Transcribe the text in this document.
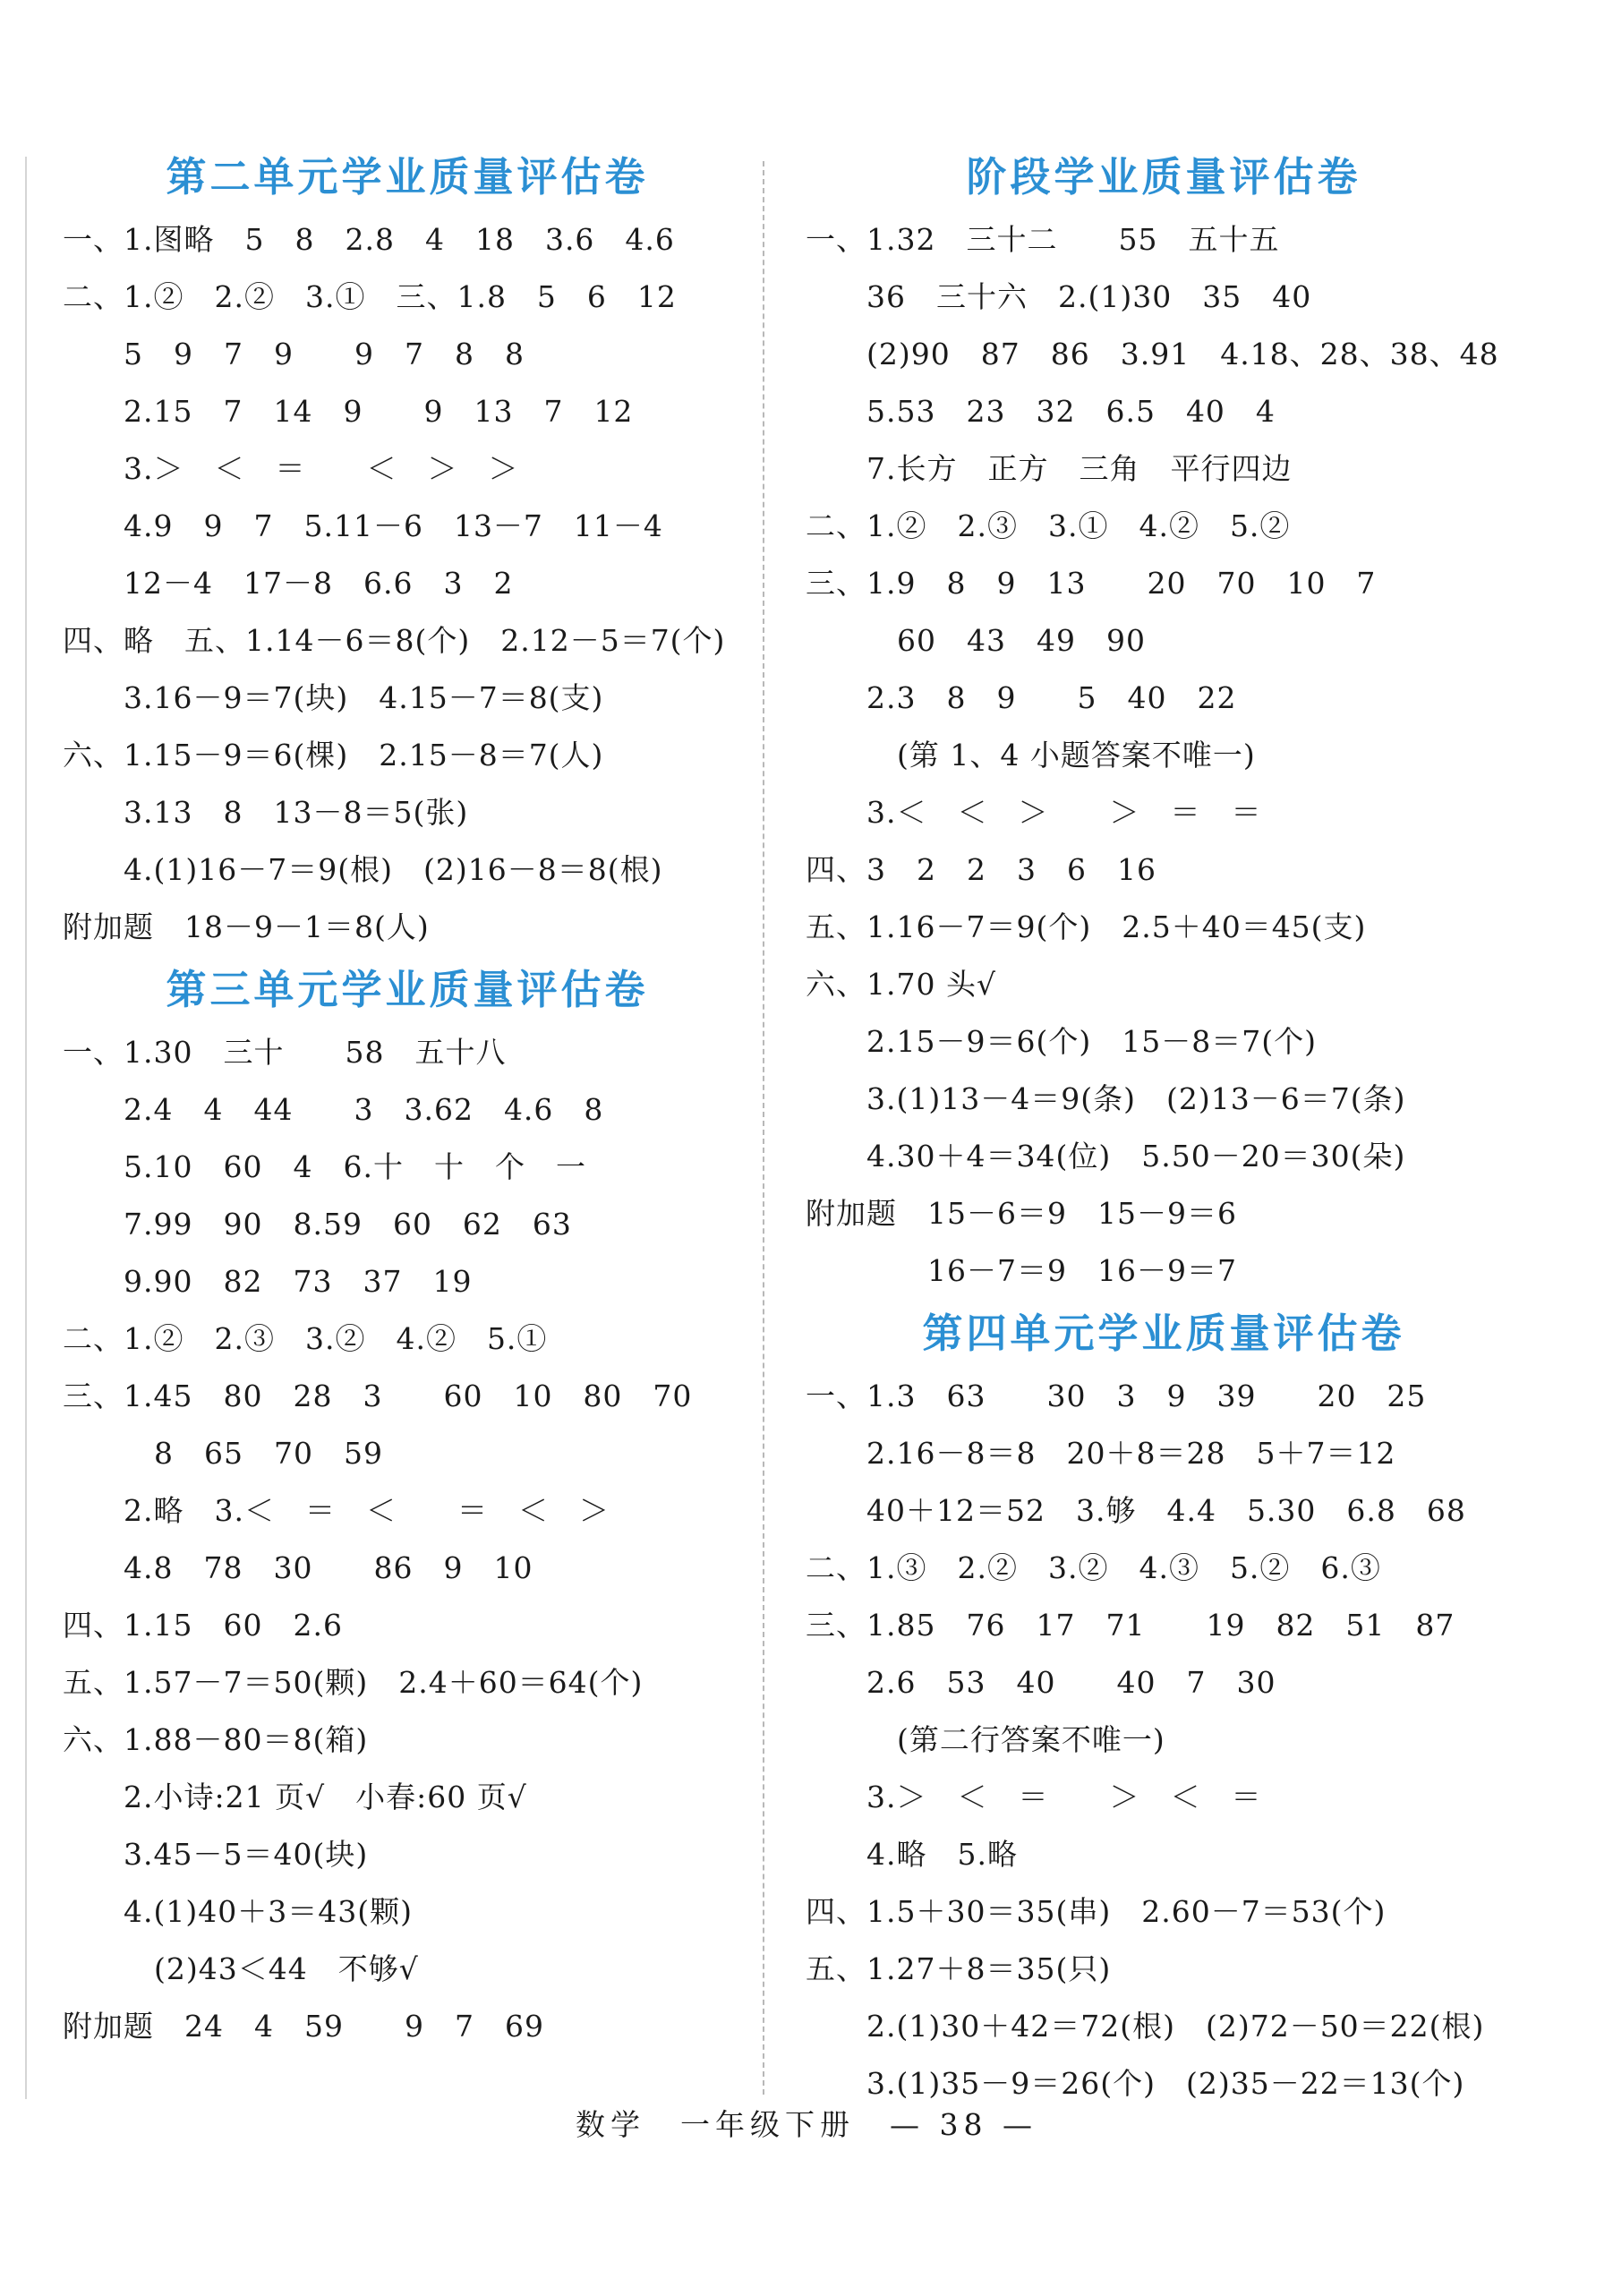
第二单元学业质量评估卷
一、1.图略　5　8　2.8　4　18　3.6　4.6
二、1.②　2.②　3.①　三、1.8　5　6　12
　　5　9　7　9　　9　7　8　8
　　2.15　7　14　9　　9　13　7　12
　　3.＞　＜　＝　　＜　＞　＞
　　4.9　9　7　5.11－6　13－7　11－4
　　12－4　17－8　6.6　3　2
四、略　五、1.14－6＝8(个)　2.12－5＝7(个)
　　3.16－9＝7(块)　4.15－7＝8(支)
六、1.15－9＝6(棵)　2.15－8＝7(人)
　　3.13　8　13－8＝5(张)
　　4.(1)16－7＝9(根)　(2)16－8＝8(根)
附加题　18－9－1＝8(人)
第三单元学业质量评估卷
一、1.30　三十　　58　五十八
　　2.4　4　44　　3　3.62　4.6　8
　　5.10　60　4　6.十　十　个　一
　　7.99　90　8.59　60　62　63
　　9.90　82　73　37　19
二、1.②　2.③　3.②　4.②　5.①
三、1.45　80　28　3　　60　10　80　70
　　　8　65　70　59
　　2.略　3.＜　＝　＜　　＝　＜　＞
　　4.8　78　30　　86　9　10
四、1.15　60　2.6
五、1.57－7＝50(颗)　2.4＋60＝64(个)
六、1.88－80＝8(箱)
　　2.小诗:21 页√　小春:60 页√
　　3.45－5＝40(块)
　　4.(1)40＋3＝43(颗)
　　　(2)43＜44　不够√
附加题　24　4　59　　9　7　69
阶段学业质量评估卷
一、1.32　三十二　　55　五十五
　　36　三十六　2.(1)30　35　40
　　(2)90　87　86　3.91　4.18、28、38、48
　　5.53　23　32　6.5　40　4
　　7.长方　正方　三角　平行四边
二、1.②　2.③　3.①　4.②　5.②
三、1.9　8　9　13　　20　70　10　7
　　　60　43　49　90
　　2.3　8　9　　5　40　22
　　　(第 1、4 小题答案不唯一)
　　3.＜　＜　＞　　＞　＝　＝
四、3　2　2　3　6　16
五、1.16－7＝9(个)　2.5＋40＝45(支)
六、1.70 头√
　　2.15－9＝6(个)　15－8＝7(个)
　　3.(1)13－4＝9(条)　(2)13－6＝7(条)
　　4.30＋4＝34(位)　5.50－20＝30(朵)
附加题　15－6＝9　15－9＝6
　　　　16－7＝9　16－9＝7
第四单元学业质量评估卷
一、1.3　63　　30　3　9　39　　20　25
　　2.16－8＝8　20＋8＝28　5＋7＝12
　　40＋12＝52　3.够　4.4　5.30　6.8　68
二、1.③　2.②　3.②　4.③　5.②　6.③
三、1.85　76　17　71　　19　82　51　87
　　2.6　53　40　　40　7　30
　　　(第二行答案不唯一)
　　3.＞　＜　＝　　＞　＜　＝
　　4.略　5.略
四、1.5＋30＝35(串)　2.60－7＝53(个)
五、1.27＋8＝35(只)
　　2.(1)30＋42＝72(根)　(2)72－50＝22(根)
　　3.(1)35－9＝26(个)　(2)35－22＝13(个)
数学　一年级下册　— 38 —
